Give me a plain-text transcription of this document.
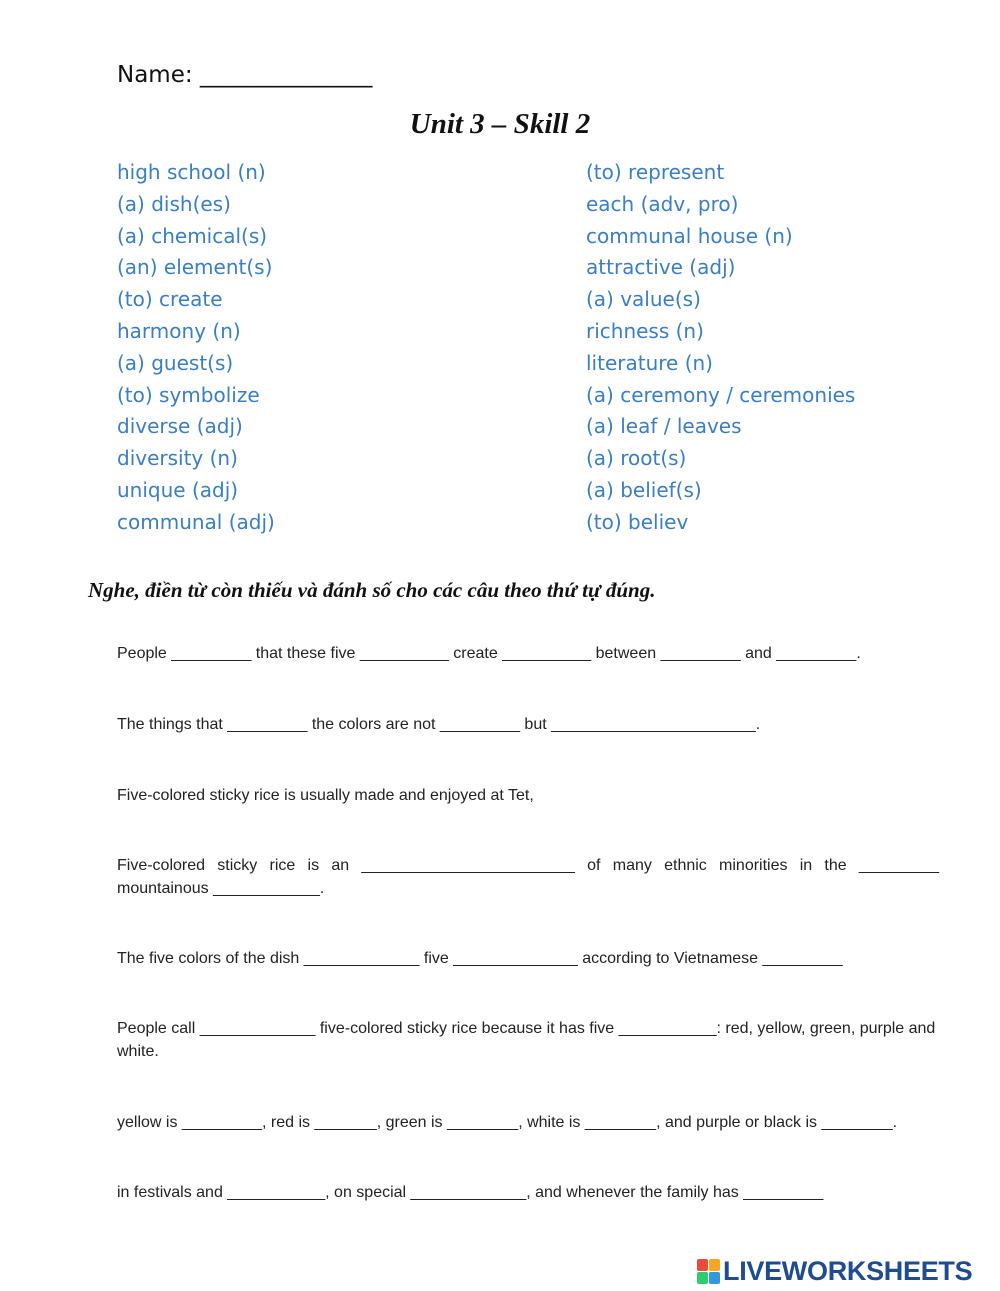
Name: _______________
Unit 3 – Skill 2
high school (n)
(a) dish(es)
(a) chemical(s)
(an) element(s)
(to) create
harmony (n)
(a) guest(s)
(to) symbolize
diverse (adj)
diversity (n)
unique (adj)
communal (adj)
(to) represent
each (adv, pro)
communal house (n)
attractive (adj)
(a) value(s)
richness (n)
literature (n)
(a) ceremony / ceremonies
(a) leaf / leaves
(a) root(s)
(a) belief(s)
(to) believ
Nghe, điền từ còn thiếu và đánh số cho các câu theo thứ tự đúng.

People _________ that these five __________ create __________ between _________ and _________.

The things that _________ the colors are not _________ but _______________________.

Five-colored sticky rice is usually made and enjoyed at Tet,

Five-colored sticky rice is an ________________________ of many ethnic minorities in the _________ mountainous ____________.

The five colors of the dish _____________ five ______________ according to Vietnamese _________

People call _____________ five-colored sticky rice because it has five ___________: red, yellow, green, purple and white.

yellow is _________, red is _______, green is ________, white is ________, and purple or black is ________.

in festivals and ___________, on special _____________, and whenever the family has _________

LIVEWORKSHEETS
